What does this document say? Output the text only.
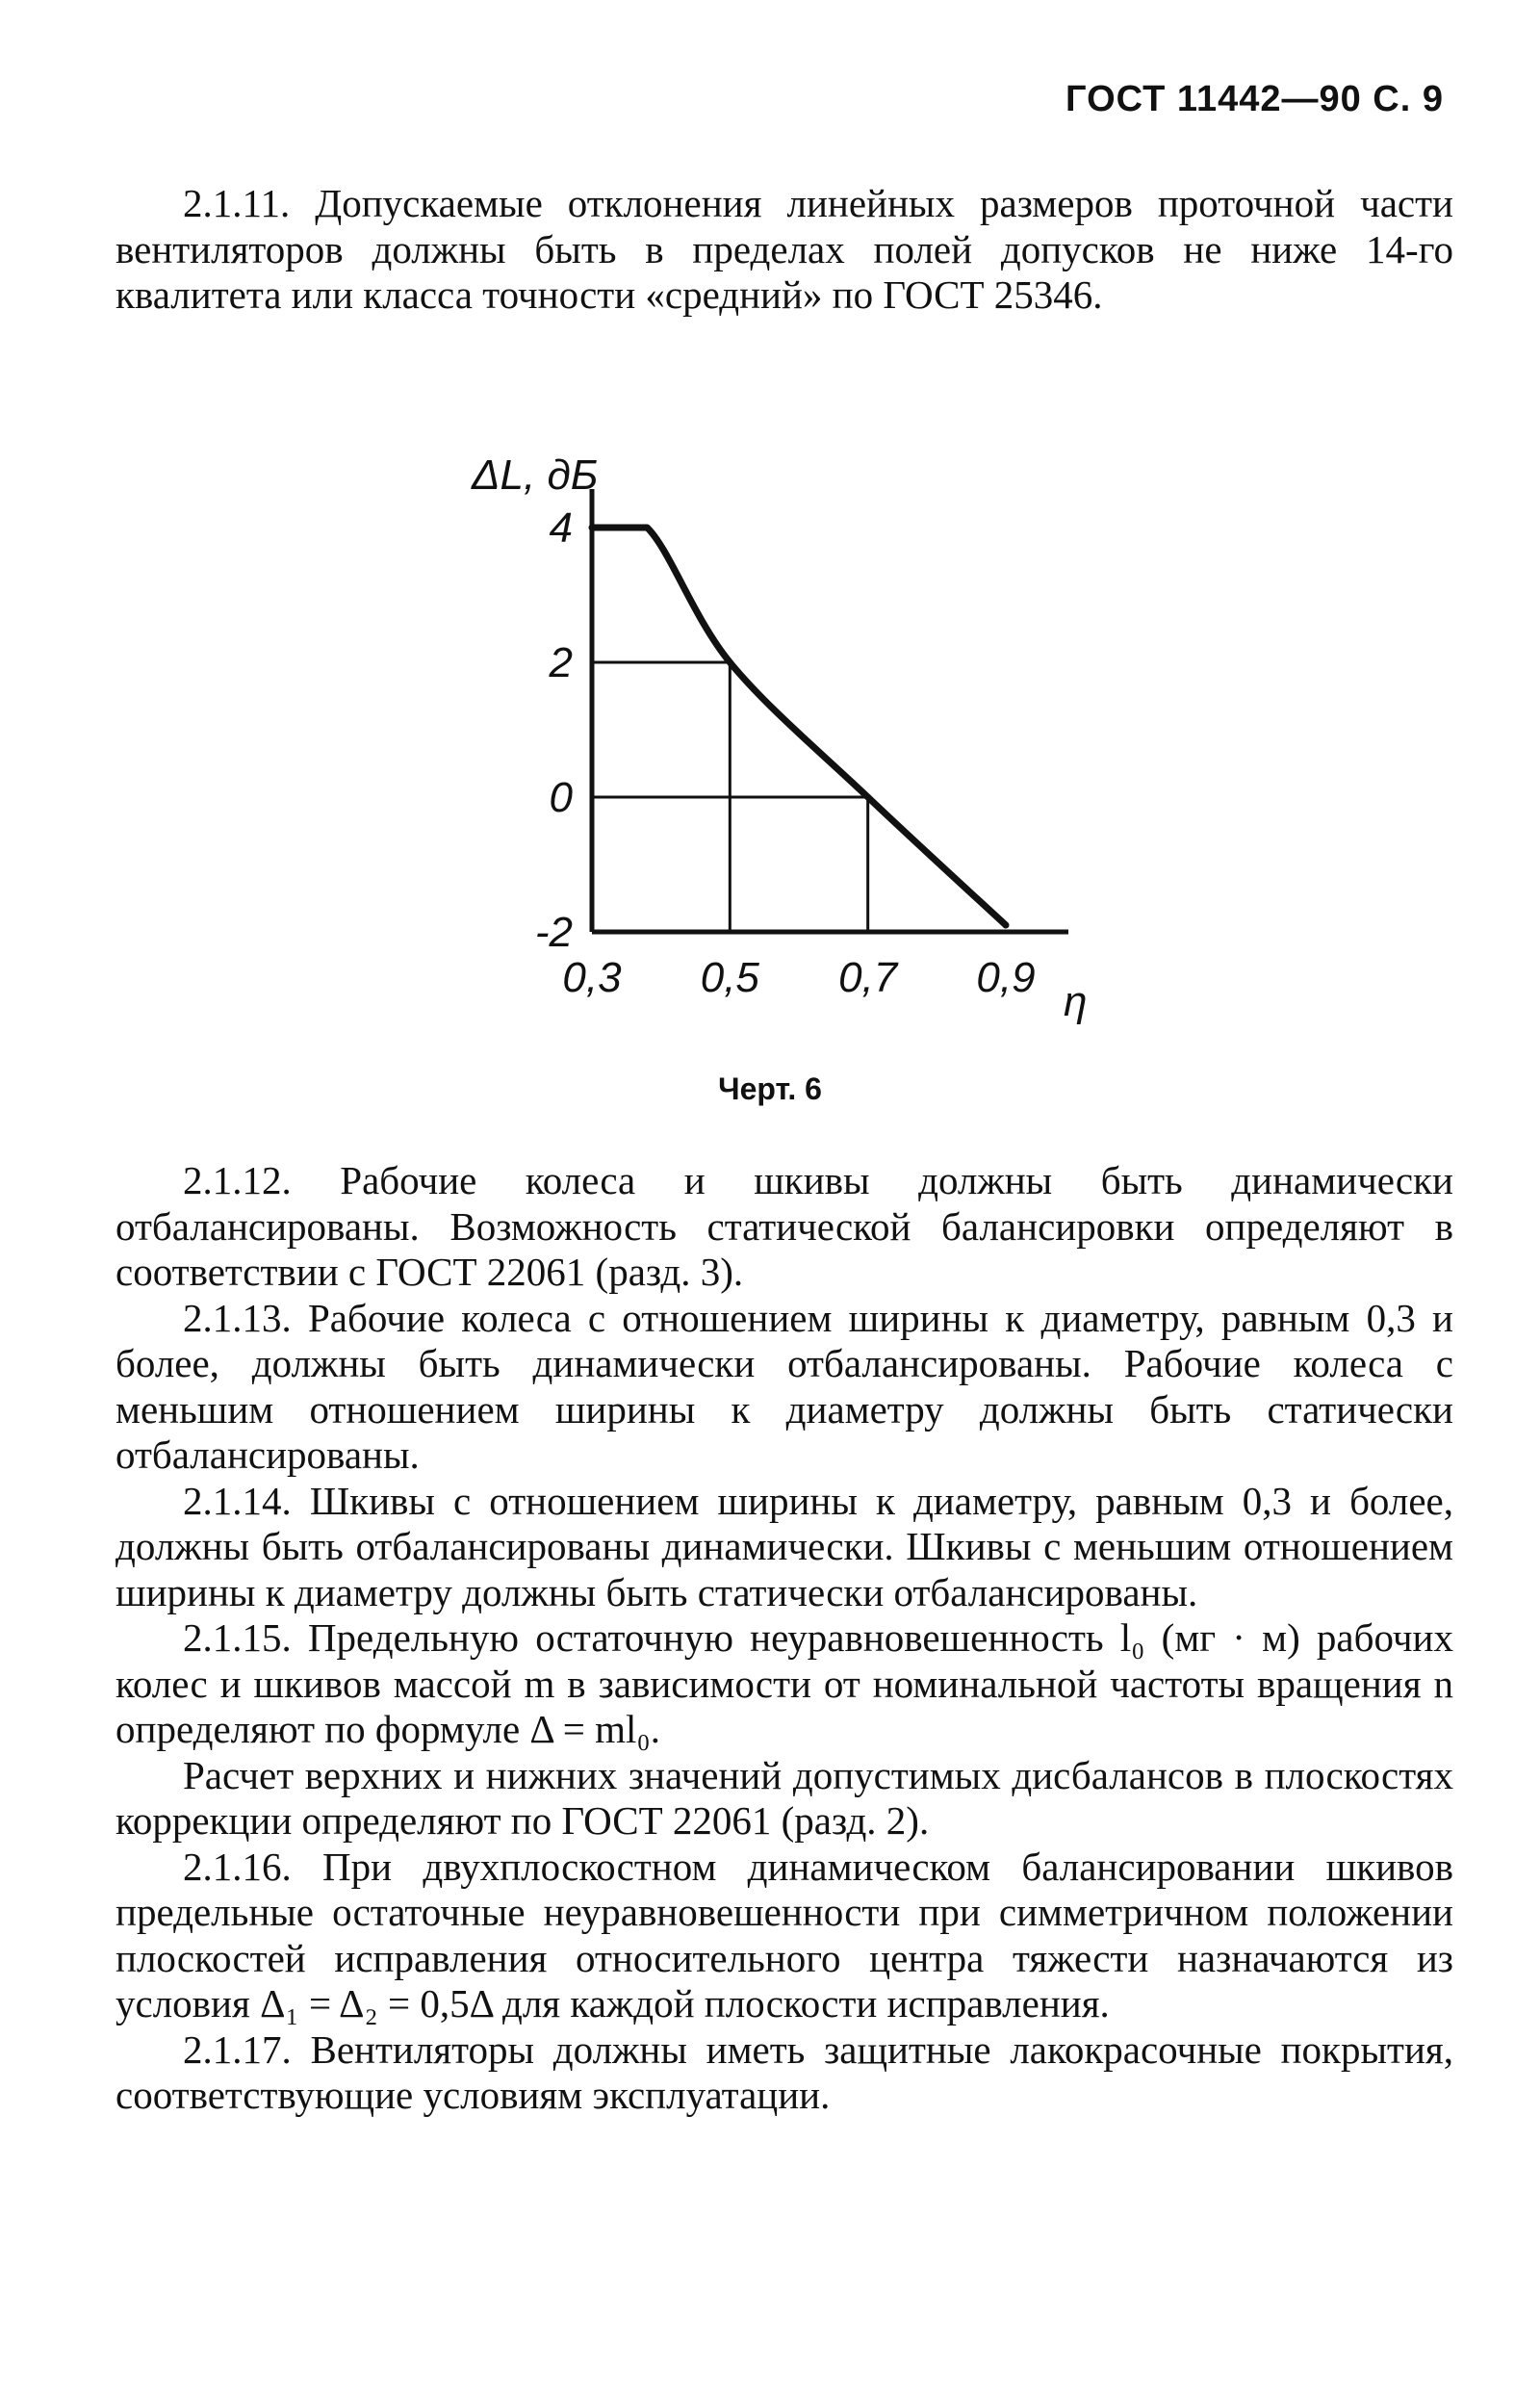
ГОСТ 11442—90 С. 9

2.1.11. Допускаемые отклонения линейных размеров проточной части вентиляторов должны быть в пределах полей допусков не ниже 14-го квалитета или класса точности «средний» по ГОСТ 25346.

4
2
0
-2
0,3 0,5 0,7 0,9
ΔL, дБ
η
Черт. 6

2.1.12. Рабочие колеса и шкивы должны быть динамически отбалансированы. Возможность статической балансировки определяют в соответствии с ГОСТ 22061 (разд. 3).

2.1.13. Рабочие колеса с отношением ширины к диаметру, равным 0,3 и более, должны быть динамически отбалансированы. Рабочие колеса с меньшим отношением ширины к диаметру должны быть статически отбалансированы.

2.1.14. Шкивы с отношением ширины к диаметру, равным 0,3 и более, должны быть отбалансированы динамически. Шкивы с меньшим отношением ширины к диаметру должны быть статически отбалансированы.

2.1.15. Предельную остаточную неуравновешенность l₀ (мг · м) рабочих колес и шкивов массой m в зависимости от номинальной частоты вращения n определяют по формуле Δ = ml₀.

Расчет верхних и нижних значений допустимых дисбалансов в плоскостях коррекции определяют по ГОСТ 22061 (разд. 2).

2.1.16. При двухплоскостном динамическом балансировании шкивов предельные остаточные неуравновешенности при симметричном положении плоскостей исправления относительного центра тяжести назначаются из условия Δ₁ = Δ₂ = 0,5Δ для каждой плоскости исправления.

2.1.17. Вентиляторы должны иметь защитные лакокрасочные покрытия, соответствующие условиям эксплуатации.
